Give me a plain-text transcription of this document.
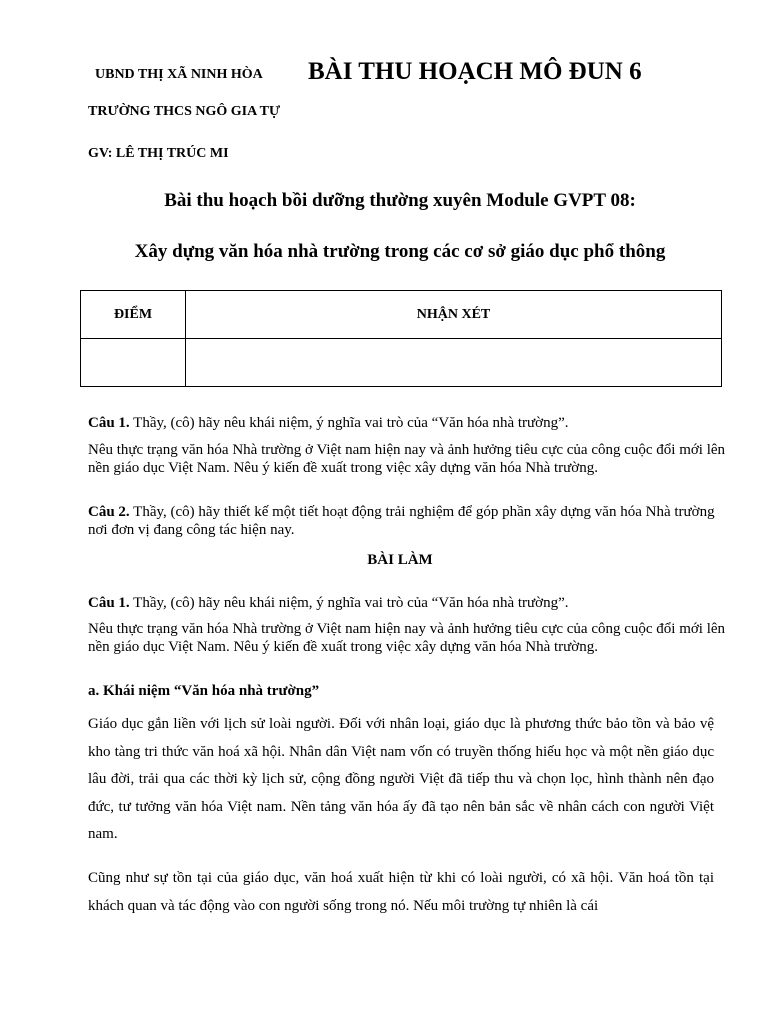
UBND THỊ XÃ NINH HÒA BÀI THU HOẠCH MÔ ĐUN 6
TRƯỜNG THCS NGÔ GIA TỰ
GV: LÊ THỊ TRÚC MI
Bài thu hoạch bồi dưỡng thường xuyên Module GVPT 08:
Xây dựng văn hóa nhà trường trong các cơ sở giáo dục phổ thông
ĐIỂM	NHẬN XÉT

Câu 1. Thầy, (cô) hãy nêu khái niệm, ý nghĩa vai trò của “Văn hóa nhà trường”.
Nêu thực trạng văn hóa Nhà trường ở Việt nam hiện nay và ảnh hưởng tiêu cực của công cuộc đổi mới lên nền giáo dục Việt Nam. Nêu ý kiến đề xuất trong việc xây dựng văn hóa Nhà trường.
Câu 2. Thầy, (cô) hãy thiết kế một tiết hoạt động trải nghiệm để góp phần xây dựng văn hóa Nhà trường nơi đơn vị đang công tác hiện nay.
BÀI LÀM
Câu 1. Thầy, (cô) hãy nêu khái niệm, ý nghĩa vai trò của “Văn hóa nhà trường”.
Nêu thực trạng văn hóa Nhà trường ở Việt nam hiện nay và ảnh hưởng tiêu cực của công cuộc đổi mới lên nền giáo dục Việt Nam. Nêu ý kiến đề xuất trong việc xây dựng văn hóa Nhà trường.
a. Khái niệm “Văn hóa nhà trường”
Giáo dục gắn liền với lịch sử loài người. Đối với nhân loại, giáo dục là phương thức bảo tồn và bảo vệ kho tàng tri thức văn hoá xã hội. Nhân dân Việt nam vốn có truyền thống hiếu học và một nền giáo dục lâu đời, trải qua các thời kỳ lịch sử, cộng đồng người Việt đã tiếp thu và chọn lọc, hình thành nên đạo đức, tư tưởng văn hóa Việt nam. Nền tảng văn hóa ấy đã tạo nên bản sắc về nhân cách con người Việt nam.
Cũng như sự tồn tại của giáo dục, văn hoá xuất hiện từ khi có loài người, có xã hội. Văn hoá tồn tại khách quan và tác động vào con người sống trong nó. Nếu môi trường tự nhiên là cái
